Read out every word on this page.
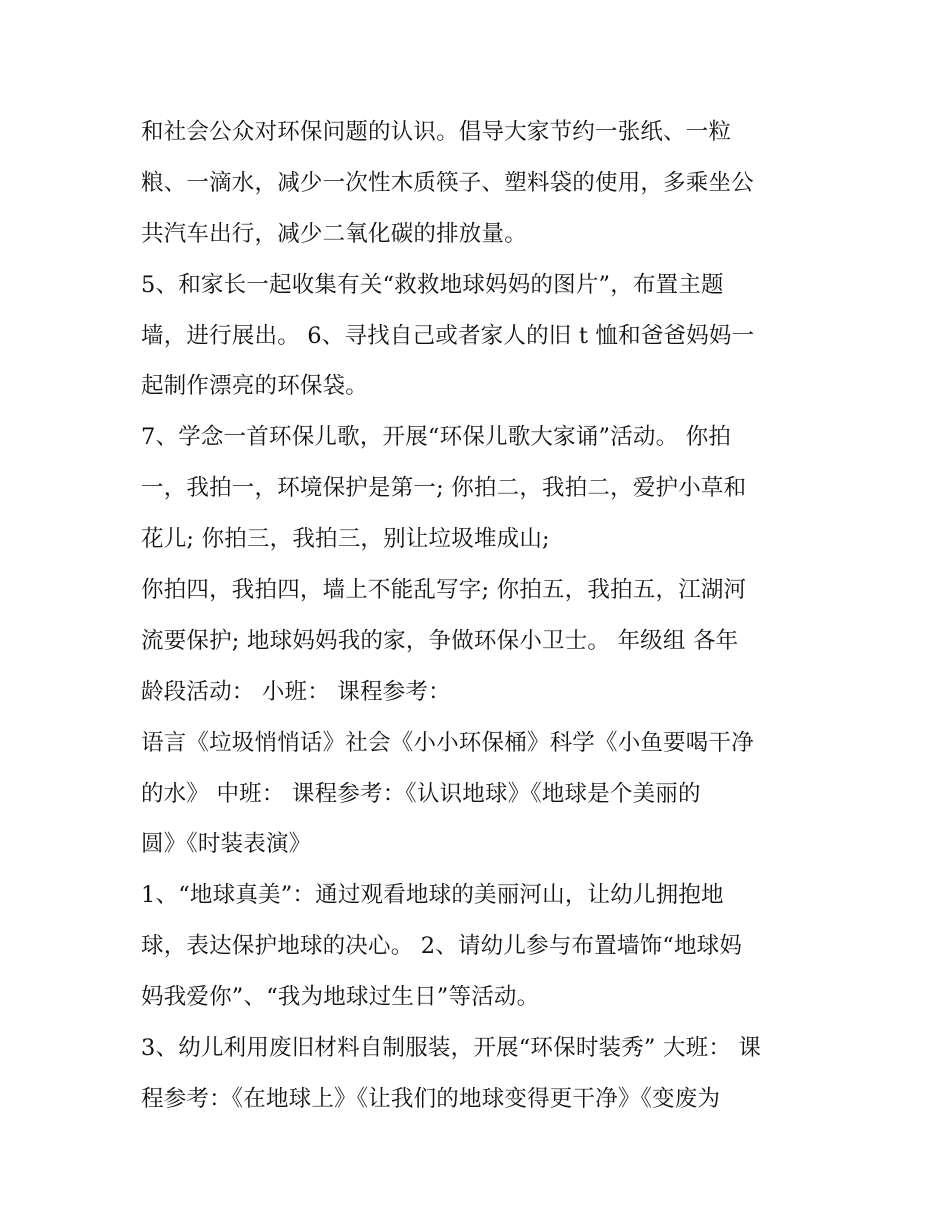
和社会公众对环保问题的认识。倡导大家节约一张纸、一粒
粮、一滴水，减少一次性木质筷子、塑料袋的使用，多乘坐公
共汽车出行，减少二氧化碳的排放量。
5、和家长一起收集有关“救救地球妈妈的图片”，布置主题
墙，进行展出。 6、寻找自己或者家人的旧 t 恤和爸爸妈妈一
起制作漂亮的环保袋。
7、学念一首环保儿歌，开展“环保儿歌大家诵”活动。 你拍
一，我拍一，环境保护是第一; 你拍二，我拍二，爱护小草和
花儿; 你拍三，我拍三，别让垃圾堆成山;
你拍四，我拍四，墙上不能乱写字; 你拍五，我拍五，江湖河
流要保护; 地球妈妈我的家，争做环保小卫士。 年级组 各年
龄段活动： 小班： 课程参考：
语言《垃圾悄悄话》社会《小小环保桶》科学《小鱼要喝干净
的水》 中班： 课程参考：《认识地球》《地球是个美丽的
圆》《时装表演》
1、“地球真美”：通过观看地球的美丽河山，让幼儿拥抱地
球，表达保护地球的决心。 2、请幼儿参与布置墙饰“地球妈
妈我爱你”、“我为地球过生日”等活动。
3、幼儿利用废旧材料自制服装，开展“环保时装秀” 大班： 课
程参考：《在地球上》《让我们的地球变得更干净》《变废为
